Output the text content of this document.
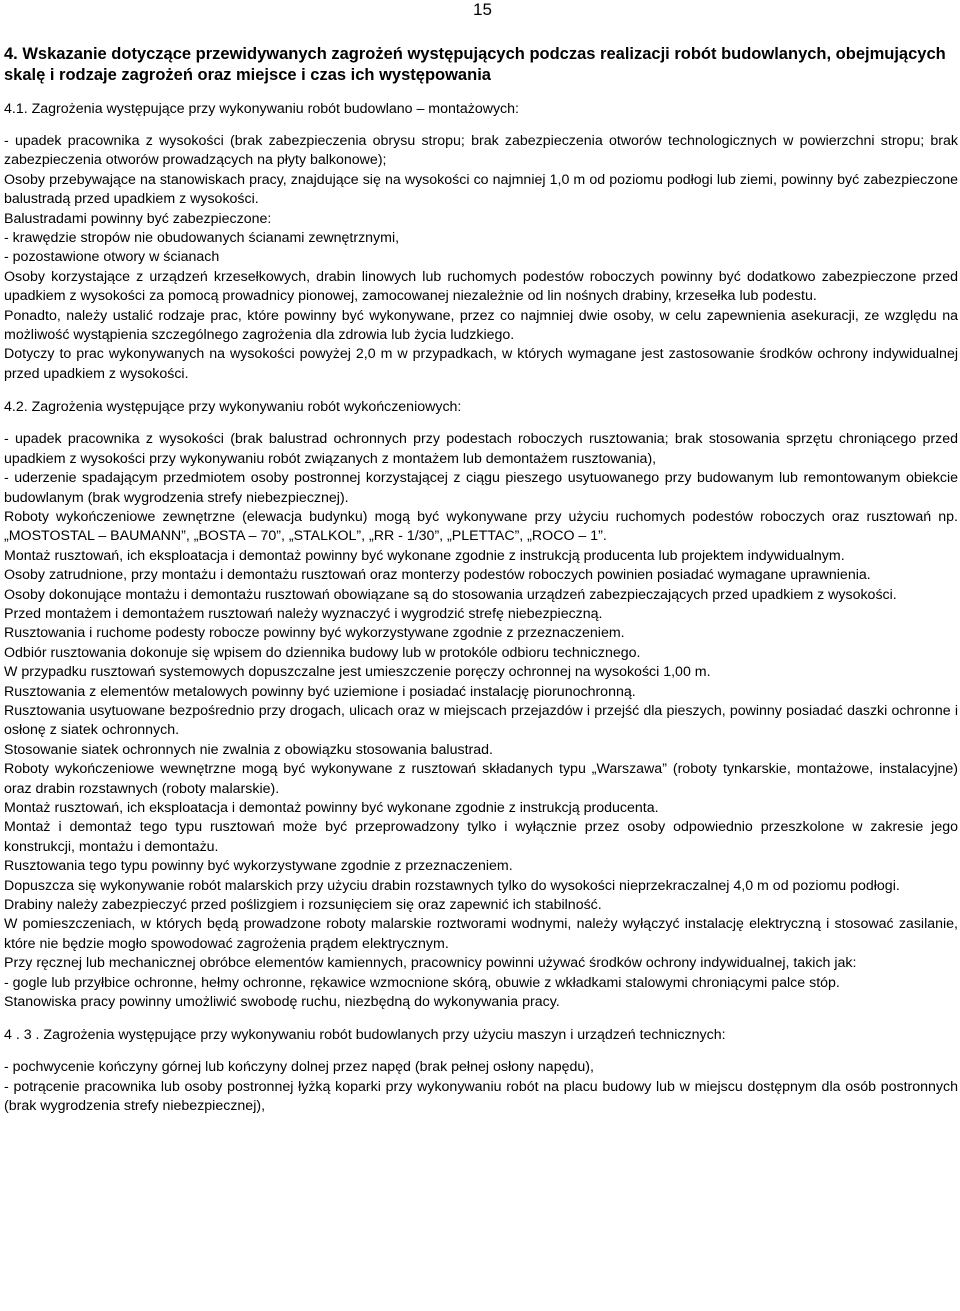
15

4. Wskazanie dotyczące przewidywanych zagrożeń występujących podczas realizacji robót budowlanych, obejmujących skalę i rodzaje zagrożeń oraz miejsce i czas ich występowania

4.1. Zagrożenia występujące przy wykonywaniu robót budowlano – montażowych:

- upadek pracownika z wysokości (brak zabezpieczenia obrysu stropu; brak zabezpieczenia otworów technologicznych w powierzchni stropu; brak zabezpieczenia otworów prowadzących na płyty balkonowe);

Osoby przebywające na stanowiskach pracy, znajdujące się na wysokości co najmniej 1,0 m od poziomu podłogi lub ziemi, powinny być zabezpieczone balustradą przed upadkiem z wysokości.

Balustradami powinny być zabezpieczone:

- krawędzie stropów nie obudowanych ścianami zewnętrznymi,

- pozostawione otwory w ścianach

Osoby korzystające z urządzeń krzesełkowych, drabin linowych lub ruchomych podestów roboczych powinny być dodatkowo zabezpieczone przed upadkiem z wysokości za pomocą prowadnicy pionowej, zamocowanej niezależnie od lin nośnych drabiny, krzesełka lub podestu.

Ponadto, należy ustalić rodzaje prac, które powinny być wykonywane, przez co najmniej dwie osoby, w celu zapewnienia asekuracji, ze względu na możliwość wystąpienia szczególnego zagrożenia dla zdrowia lub życia ludzkiego.

Dotyczy to prac wykonywanych na wysokości powyżej 2,0 m w przypadkach, w których wymagane jest zastosowanie środków ochrony indywidualnej przed upadkiem z wysokości.

4.2. Zagrożenia występujące przy wykonywaniu robót wykończeniowych:

- upadek pracownika z wysokości (brak balustrad ochronnych przy podestach roboczych rusztowania; brak stosowania sprzętu chroniącego przed upadkiem z wysokości przy wykonywaniu robót związanych z montażem lub demontażem rusztowania),

- uderzenie spadającym przedmiotem osoby postronnej korzystającej z ciągu pieszego usytuowanego przy budowanym lub remontowanym obiekcie budowlanym (brak wygrodzenia strefy niebezpiecznej).

Roboty wykończeniowe zewnętrzne (elewacja budynku) mogą być wykonywane przy użyciu ruchomych podestów roboczych oraz rusztowań np. „MOSTOSTAL – BAUMANN”, „BOSTA – 70”, „STALKOL”, „RR - 1/30”, „PLETTAC”, „ROCO – 1”.

Montaż rusztowań, ich eksploatacja i demontaż powinny być wykonane zgodnie z instrukcją producenta lub projektem indywidualnym.

Osoby zatrudnione, przy montażu i demontażu rusztowań oraz monterzy podestów roboczych powinien posiadać wymagane uprawnienia.

Osoby dokonujące montażu i demontażu rusztowań obowiązane są do stosowania urządzeń zabezpieczających przed upadkiem z wysokości.

Przed montażem i demontażem rusztowań należy wyznaczyć i wygrodzić strefę niebezpieczną.

Rusztowania i ruchome podesty robocze powinny być wykorzystywane zgodnie z przeznaczeniem.

Odbiór rusztowania dokonuje się wpisem do dziennika budowy lub w protokóle odbioru technicznego.

W przypadku rusztowań systemowych dopuszczalne jest umieszczenie poręczy ochronnej na wysokości 1,00 m.

Rusztowania z elementów metalowych powinny być uziemione i posiadać instalację piorunochronną.

Rusztowania usytuowane bezpośrednio przy drogach, ulicach oraz w miejscach przejazdów i przejść dla pieszych, powinny posiadać daszki ochronne i osłonę z siatek ochronnych.

Stosowanie siatek ochronnych nie zwalnia z obowiązku stosowania balustrad.

Roboty wykończeniowe wewnętrzne mogą być wykonywane z rusztowań składanych typu „Warszawa” (roboty tynkarskie, montażowe, instalacyjne) oraz drabin rozstawnych (roboty malarskie).

Montaż rusztowań, ich eksploatacja i demontaż powinny być wykonane zgodnie z instrukcją producenta.

Montaż i demontaż tego typu rusztowań może być przeprowadzony tylko i wyłącznie przez osoby odpowiednio przeszkolone w zakresie jego konstrukcji, montażu i demontażu.

Rusztowania tego typu powinny być wykorzystywane zgodnie z przeznaczeniem.

Dopuszcza się wykonywanie robót malarskich przy użyciu drabin rozstawnych tylko do wysokości nieprzekraczalnej 4,0 m od poziomu podłogi.

Drabiny należy zabezpieczyć przed poślizgiem i rozsunięciem się oraz zapewnić ich stabilność.

W pomieszczeniach, w których będą prowadzone roboty malarskie roztworami wodnymi, należy wyłączyć instalację elektryczną i stosować zasilanie, które nie będzie mogło spowodować zagrożenia prądem elektrycznym.

Przy ręcznej lub mechanicznej obróbce elementów kamiennych, pracownicy powinni używać środków ochrony indywidualnej, takich jak:

- gogle lub przyłbice ochronne, hełmy ochronne, rękawice wzmocnione skórą, obuwie z wkładkami stalowymi chroniącymi palce stóp.

Stanowiska pracy powinny umożliwić swobodę ruchu, niezbędną do wykonywania pracy.

4 . 3 . Zagrożenia występujące przy wykonywaniu robót budowlanych przy użyciu maszyn i urządzeń technicznych:

- pochwycenie kończyny górnej lub kończyny dolnej przez napęd (brak pełnej osłony napędu),

- potrącenie pracownika lub osoby postronnej łyżką koparki przy wykonywaniu robót na placu budowy lub w miejscu dostępnym dla osób postronnych (brak wygrodzenia strefy niebezpiecznej),
